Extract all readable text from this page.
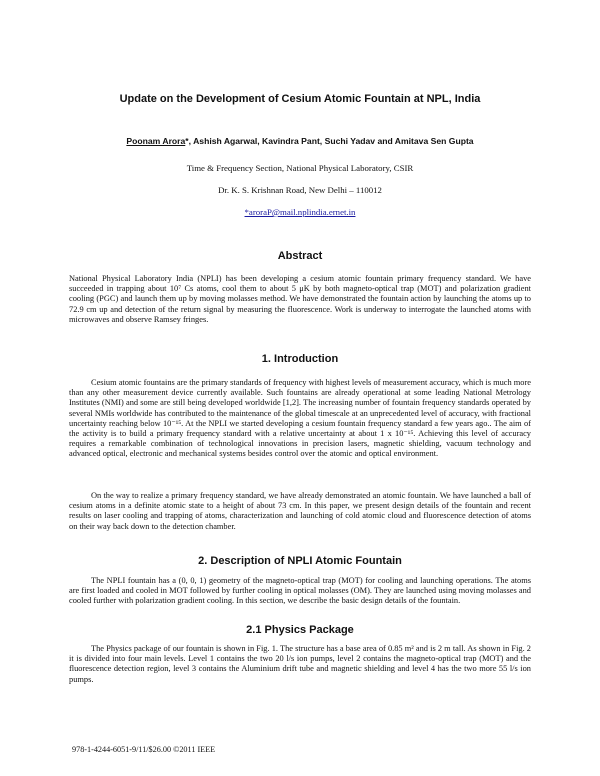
Update on the Development of Cesium Atomic Fountain at NPL, India
Poonam Arora*, Ashish Agarwal, Kavindra Pant, Suchi Yadav and Amitava Sen Gupta
Time & Frequency Section, National Physical Laboratory, CSIR
Dr. K. S. Krishnan Road, New Delhi – 110012
*aroraP@mail.nplindia.ernet.in
Abstract
National Physical Laboratory India (NPLI) has been developing a cesium atomic fountain primary frequency standard. We have succeeded in trapping about 10⁷ Cs atoms, cool them to about 5 μK by both magneto-optical trap (MOT) and polarization gradient cooling (PGC) and launch them up by moving molasses method. We have demonstrated the fountain action by launching the atoms up to 72.9 cm up and detection of the return signal by measuring the fluorescence. Work is underway to interrogate the launched atoms with microwaves and observe Ramsey fringes.
1. Introduction
Cesium atomic fountains are the primary standards of frequency with highest levels of measurement accuracy, which is much more than any other measurement device currently available. Such fountains are already operational at some leading National Metrology Institutes (NMI) and some are still being developed worldwide [1,2]. The increasing number of fountain frequency standards operated by several NMIs worldwide has contributed to the maintenance of the global timescale at an unprecedented level of accuracy, with fractional uncertainty reaching below 10⁻¹⁵. At the NPLI we started developing a cesium fountain frequency standard a few years ago.. The aim of the activity is to build a primary frequency standard with a relative uncertainty at about 1 x 10⁻¹⁵. Achieving this level of accuracy requires a remarkable combination of technological innovations in precision lasers, magnetic shielding, vacuum technology and advanced optical, electronic and mechanical systems besides control over the atomic and optical environment.
On the way to realize a primary frequency standard, we have already demonstrated an atomic fountain. We have launched a ball of cesium atoms in a definite atomic state to a height of about 73 cm. In this paper, we present design details of the fountain and recent results on laser cooling and trapping of atoms, characterization and launching of cold atomic cloud and fluorescence detection of atoms on their way back down to the detection chamber.
2. Description of NPLI Atomic Fountain
The NPLI fountain has a (0, 0, 1) geometry of the magneto-optical trap (MOT) for cooling and launching operations. The atoms are first loaded and cooled in MOT followed by further cooling in optical molasses (OM). They are launched using moving molasses and cooled further with polarization gradient cooling. In this section, we describe the basic design details of the fountain.
2.1 Physics Package
The Physics package of our fountain is shown in Fig. 1. The structure has a base area of 0.85 m² and is 2 m tall. As shown in Fig. 2 it is divided into four main levels. Level 1 contains the two 20 l/s ion pumps, level 2 contains the magneto-optical trap (MOT) and the fluorescence detection region, level 3 contains the Aluminium drift tube and magnetic shielding and level 4 has the two more 55 l/s ion pumps.
978-1-4244-6051-9/11/$26.00 ©2011 IEEE
